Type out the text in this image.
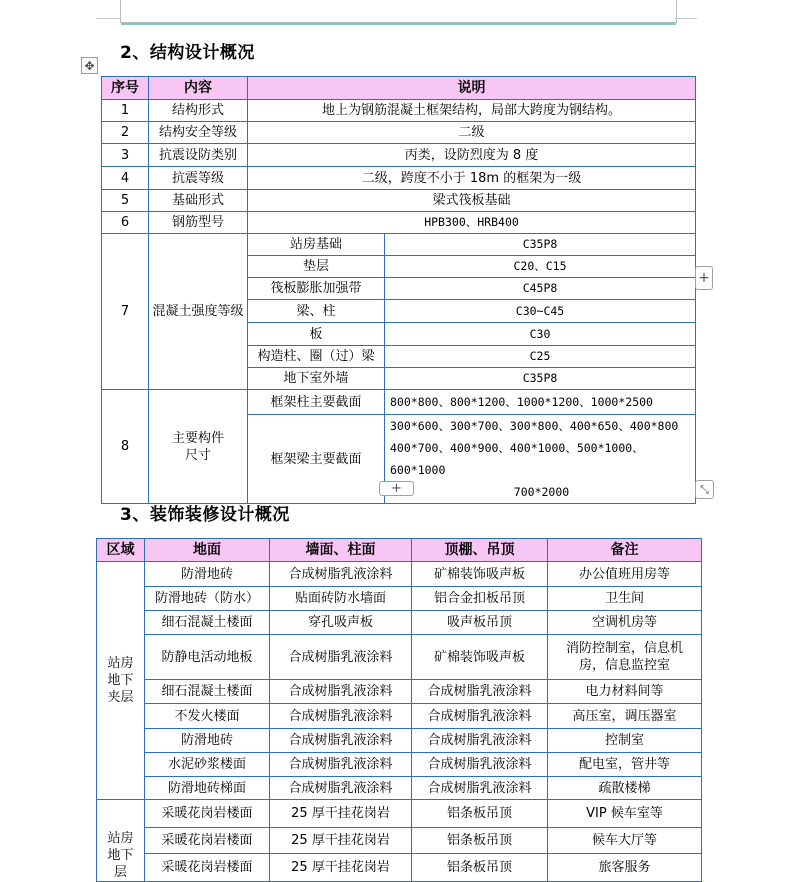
2、结构设计概况
✥
序号	内容	说明	
1	结构形式	地上为钢筋混凝土框架结构，局部大跨度为钢结构。	
2	结构安全等级	二级	
3	抗震设防类别	丙类，设防烈度为 8 度	
4	抗震等级	二级，跨度不小于 18m 的框架为一级	
5	基础形式	梁式筏板基础	
6	钢筋型号	HPB300、HRB400	
7	混凝土强度等级	站房基础	C35P8
		垫层	C20、C15
		筏板膨胀加强带	C45P8
		梁、柱	C30~C45
		板	C30
		构造柱、圈（过）梁	C25
		地下室外墙	C35P8
8	主要构件
尺寸	框架柱主要截面	800*800、800*1200、1000*1200、1000*2500
		框架梁主要截面	300*600、300*700、300*800、400*650、400*800
400*700、400*900、400*1000、500*1000、600*1000
700*2000
+
+	⤡
3、装饰装修设计概况
区域	地面	墙面、柱面	顶棚、吊顶	备注

站房
地下
夹层	防滑地砖	合成树脂乳液涂料	矿棉装饰吸声板	办公值班用房等
	防滑地砖（防水）	贴面砖防水墙面	铝合金扣板吊顶	卫生间
	细石混凝土楼面	穿孔吸声板	吸声板吊顶	空调机房等
	防静电活动地板	合成树脂乳液涂料	矿棉装饰吸声板	消防控制室，信息机
房，信息监控室

	细石混凝土楼面	合成树脂乳液涂料	合成树脂乳液涂料	电力材料间等
	不发火楼面	合成树脂乳液涂料	合成树脂乳液涂料	高压室，调压器室
	防滑地砖	合成树脂乳液涂料	合成树脂乳液涂料	控制室
	水泥砂浆楼面	合成树脂乳液涂料	合成树脂乳液涂料	配电室，管井等
	防滑地砖梯面	合成树脂乳液涂料	合成树脂乳液涂料	疏散楼梯

站房
地下
层	采暖花岗岩楼面	25 厚干挂花岗岩	铝条板吊顶	VIP 候车室等
	采暖花岗岩楼面	25 厚干挂花岗岩	铝条板吊顶	候车大厅等
	采暖花岗岩楼面	25 厚干挂花岗岩	铝条板吊顶	旅客服务
